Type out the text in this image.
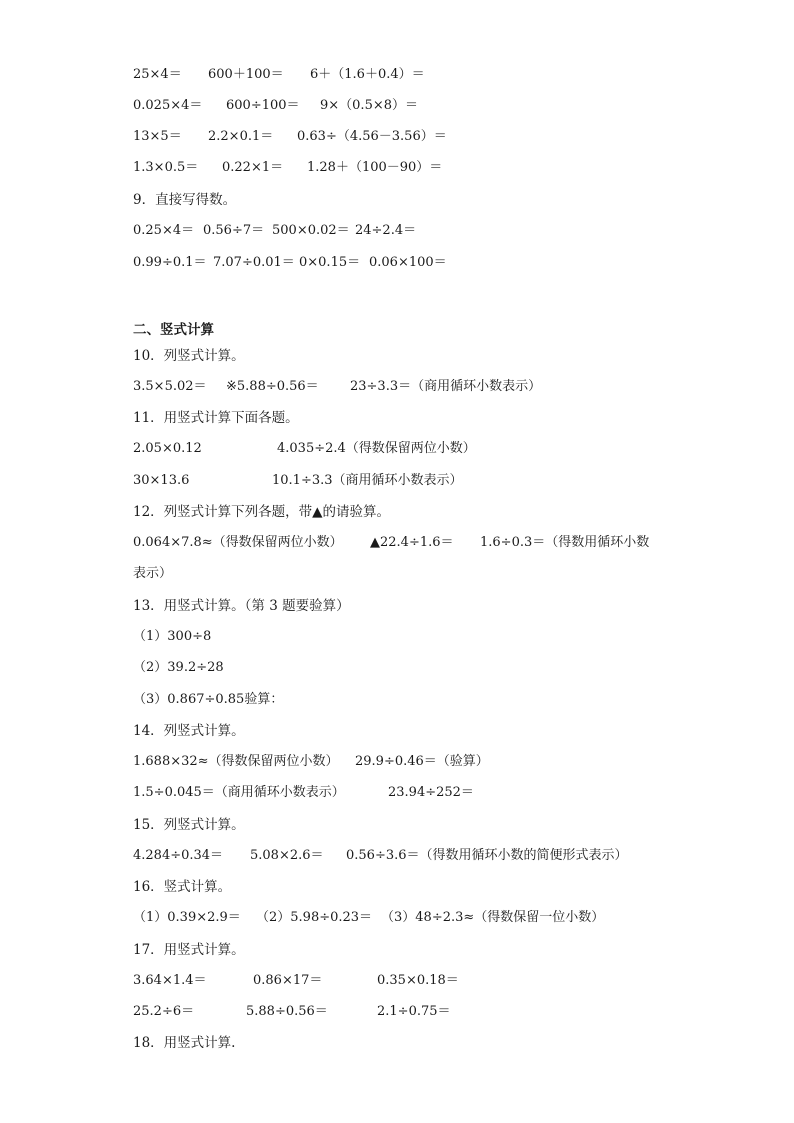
25×4＝ 600＋100＝ 6＋（1.6＋0.4）＝
0.025×4＝ 600÷100＝ 9×（0.5×8）＝
13×5＝ 2.2×0.1＝ 0.63÷（4.56－3.56）＝
1.3×0.5＝ 0.22×1＝ 1.28＋（100－90）＝
9．直接写得数。
0.25×4＝ 0.56÷7＝ 500×0.02＝ 24÷2.4＝
0.99÷0.1＝ 7.07÷0.01＝ 0×0.15＝ 0.06×100＝
二、竖式计算
10．列竖式计算。
3.5×5.02＝ ※5.88÷0.56＝ 23÷3.3＝（商用循环小数表示）
11．用竖式计算下面各题。
2.05×0.12	4.035÷2.4（得数保留两位小数）
30×13.6	10.1÷3.3（商用循环小数表示）
12．列竖式计算下列各题，带▲的请验算。
0.064×7.8≈（得数保留两位小数） ▲22.4÷1.6＝ 1.6÷0.3＝（得数用循环小数
表示）
13．用竖式计算。（第 3 题要验算）
（1）300÷8
（2）39.2÷28
（3）0.867÷0.85验算：
14．列竖式计算。
1.688×32≈（得数保留两位小数） 29.9÷0.46＝（验算）
1.5÷0.045＝（商用循环小数表示）	23.94÷252＝
15．列竖式计算。
4.284÷0.34＝ 5.08×2.6＝ 0.56÷3.6＝（得数用循环小数的简便形式表示）
16．竖式计算。
（1）0.39×2.9＝ （2）5.98÷0.23＝ （3）48÷2.3≈（得数保留一位小数）
17．用竖式计算。
3.64×1.4＝	0.86×17＝	0.35×0.18＝
25.2÷6＝	5.88÷0.56＝	2.1÷0.75＝
18．用竖式计算.
